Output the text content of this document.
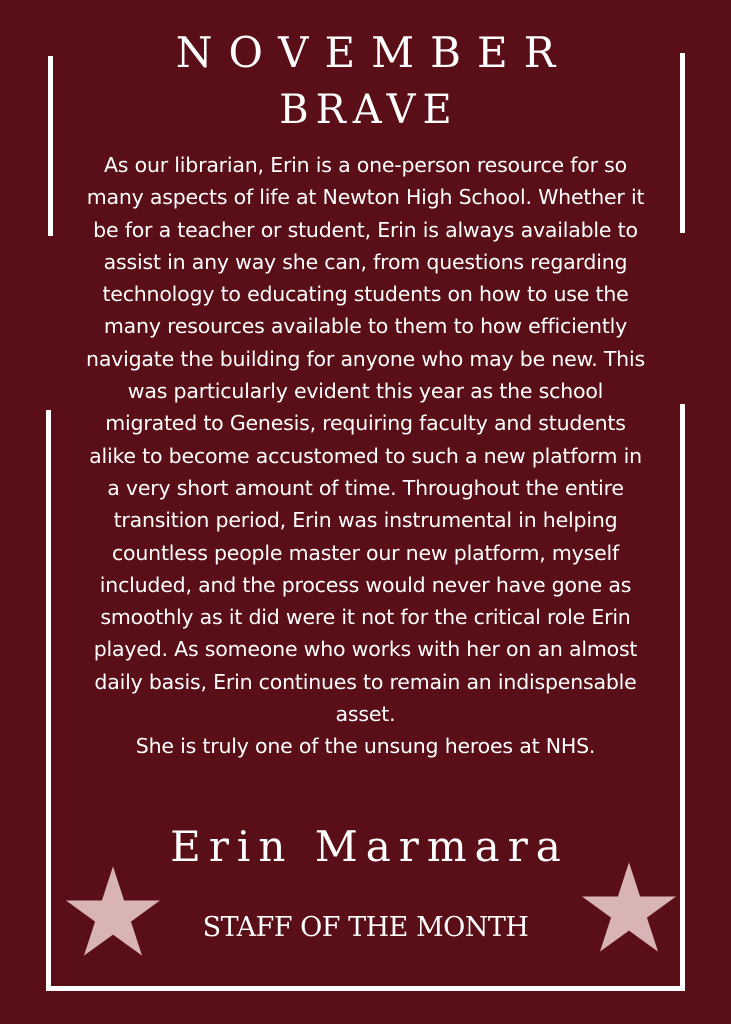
NOVEMBER
BRAVE

As our librarian, Erin is a one-person resource for so many aspects of life at Newton High School. Whether it be for a teacher or student, Erin is always available to assist in any way she can, from questions regarding technology to educating students on how to use the many resources available to them to how efficiently navigate the building for anyone who may be new. This was particularly evident this year as the school migrated to Genesis, requiring faculty and students alike to become accustomed to such a new platform in a very short amount of time. Throughout the entire transition period, Erin was instrumental in helping countless people master our new platform, myself included, and the process would never have gone as smoothly as it did were it not for the critical role Erin played. As someone who works with her on an almost daily basis, Erin continues to remain an indispensable asset.

She is truly one of the unsung heroes at NHS.

Erin Marmara
STAFF OF THE MONTH
